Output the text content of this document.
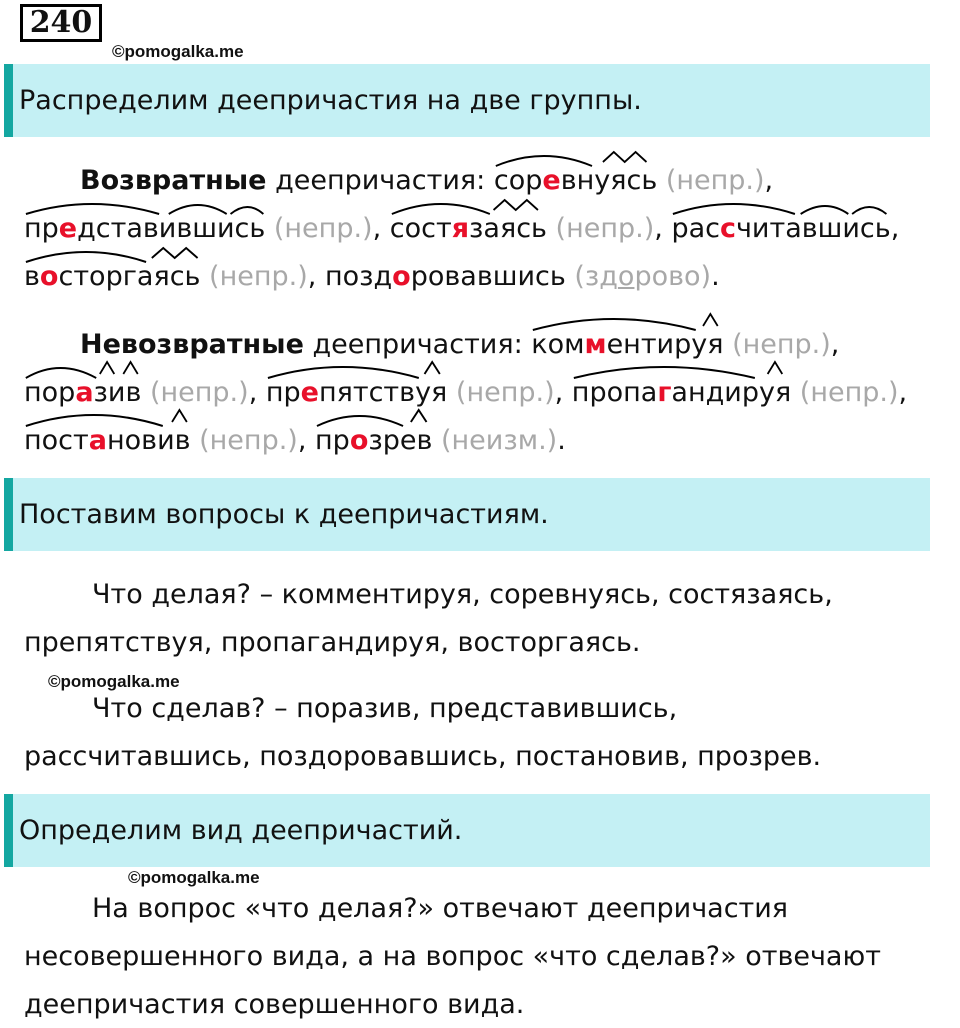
240
©pomogalka.me
Распределим деепричастия на две группы.
Возвратные деепричастия: соревнуясь (непр.),
представившись (непр.),
состязаясь (непр.),
рассчитавшись,
восторгаясь (непр.), поздоровавшись (здорово).
Невозвратные деепричастия: комментируя (непр.),
поразив (непр.),
препятствуя (непр.),
пропагандируя (непр.),
постановив (непр.),
прозрев (неизм.).
Поставим вопросы к деепричастиям.
Что делая? – комментируя, соревнуясь, состязаясь,
препятствуя, пропагандируя, восторгаясь.
©pomogalka.me
Что сделав? – поразив, представившись,
рассчитавшись, поздоровавшись, постановив, прозрев.
Определим вид деепричастий.
©pomogalka.me
На вопрос «что делая?» отвечают деепричастия
несовершенного вида, а на вопрос «что сделав?» отвечают
деепричастия совершенного вида.
